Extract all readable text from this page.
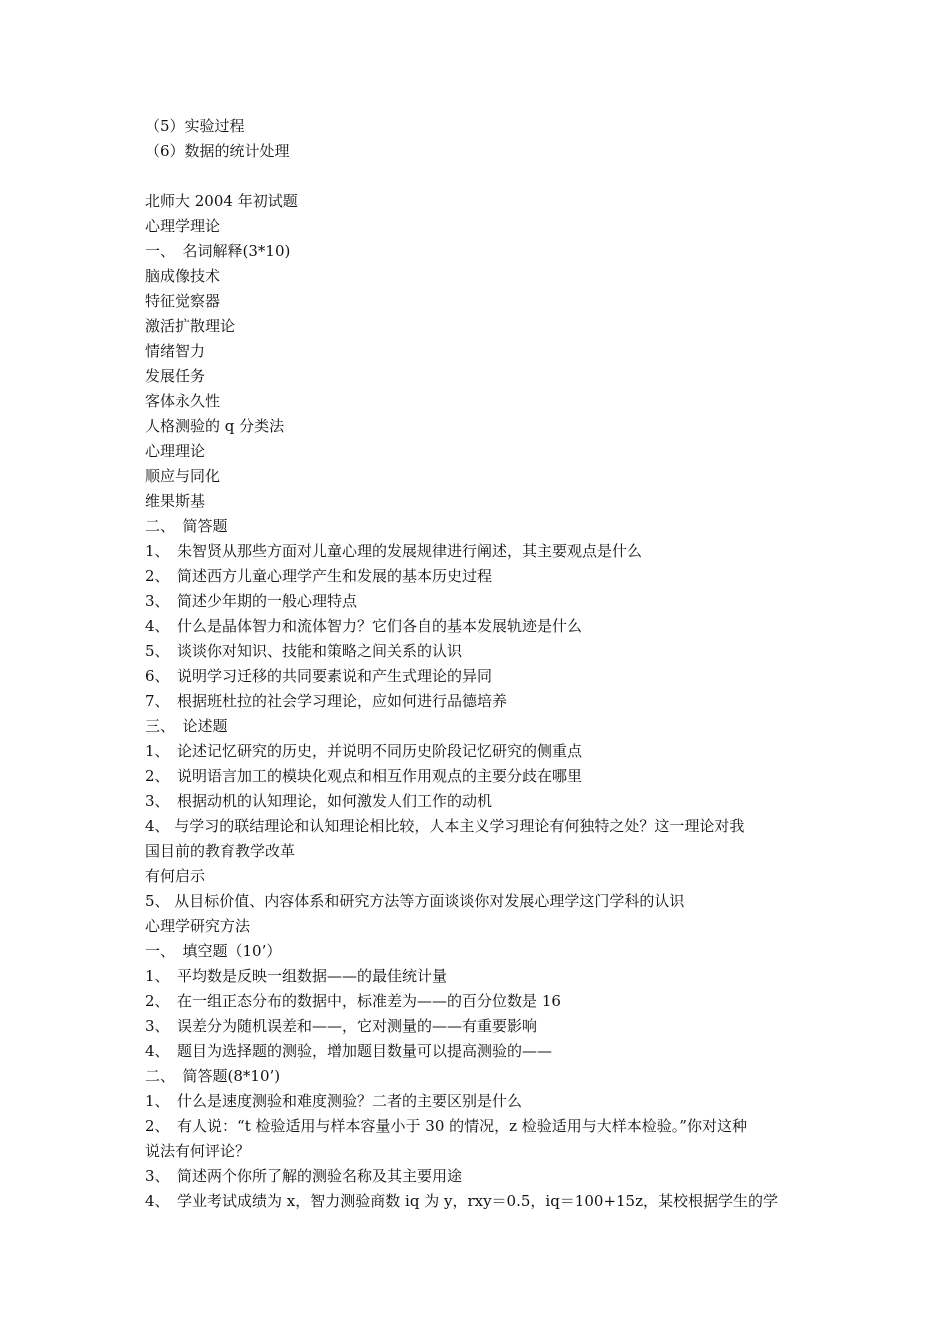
（5）实验过程
（6）数据的统计处理
北师大 2004 年初试题
心理学理论
一、　名词解释(3*10)
脑成像技术
特征觉察器
激活扩散理论
情绪智力
发展任务
客体永久性
人格测验的 q 分类法
心理理论
顺应与同化
维果斯基
二、　简答题
1、　朱智贤从那些方面对儿童心理的发展规律进行阐述，其主要观点是什么
2、　简述西方儿童心理学产生和发展的基本历史过程
3、　简述少年期的一般心理特点
4、　什么是晶体智力和流体智力？它们各自的基本发展轨迹是什么
5、　谈谈你对知识、技能和策略之间关系的认识
6、　说明学习迁移的共同要素说和产生式理论的异同
7、　根据班杜拉的社会学习理论，应如何进行品德培养
三、　论述题
1、　论述记忆研究的历史，并说明不同历史阶段记忆研究的侧重点
2、　说明语言加工的模块化观点和相互作用观点的主要分歧在哪里
3、　根据动机的认知理论，如何激发人们工作的动机
4、 与学习的联结理论和认知理论相比较，人本主义学习理论有何独特之处？这一理论对我
国目前的教育教学改革
有何启示
5、 从目标价值、内容体系和研究方法等方面谈谈你对发展心理学这门学科的认识
心理学研究方法
一、　填空题（10’）
1、　平均数是反映一组数据——的最佳统计量
2、　在一组正态分布的数据中，标准差为——的百分位数是 16
3、　误差分为随机误差和——，它对测量的——有重要影响
4、　题目为选择题的测验，增加题目数量可以提高测验的——
二、　简答题(8*10’)
1、　什么是速度测验和难度测验？二者的主要区别是什么
2、　有人说：“t 检验适用与样本容量小于 30 的情况，z 检验适用与大样本检验。”你对这种
说法有何评论？
3、　简述两个你所了解的测验名称及其主要用途
4、　学业考试成绩为 x，智力测验商数 iq 为 y，rxy＝0.5，iq＝100+15z，某校根据学生的学
